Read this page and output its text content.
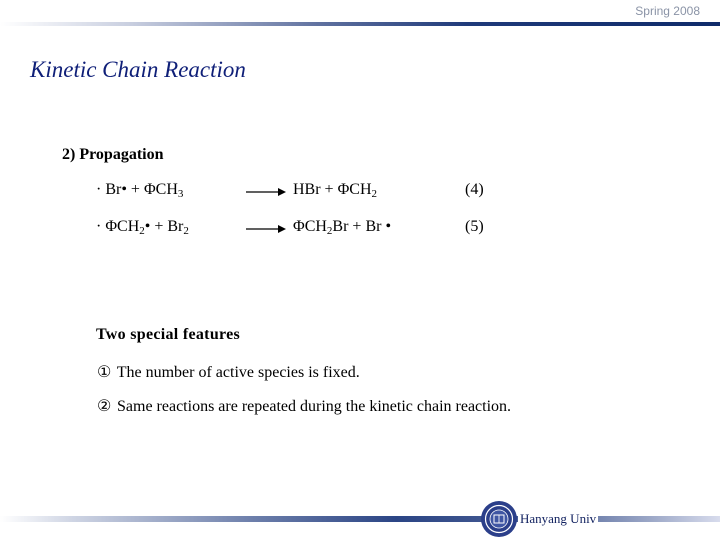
Spring 2008
Kinetic Chain Reaction
2) Propagation
· Br• + $\Phi CH_3$	→ HBr + $\Phi CH_2$	(4)
· $\Phi CH_2• + Br_2$	→ $\Phi CH_2Br + Br$ •	(5)
Two special features
① The number of active species is fixed.
② Same reactions are repeated during the kinetic chain reaction.
Hanyang Univ
